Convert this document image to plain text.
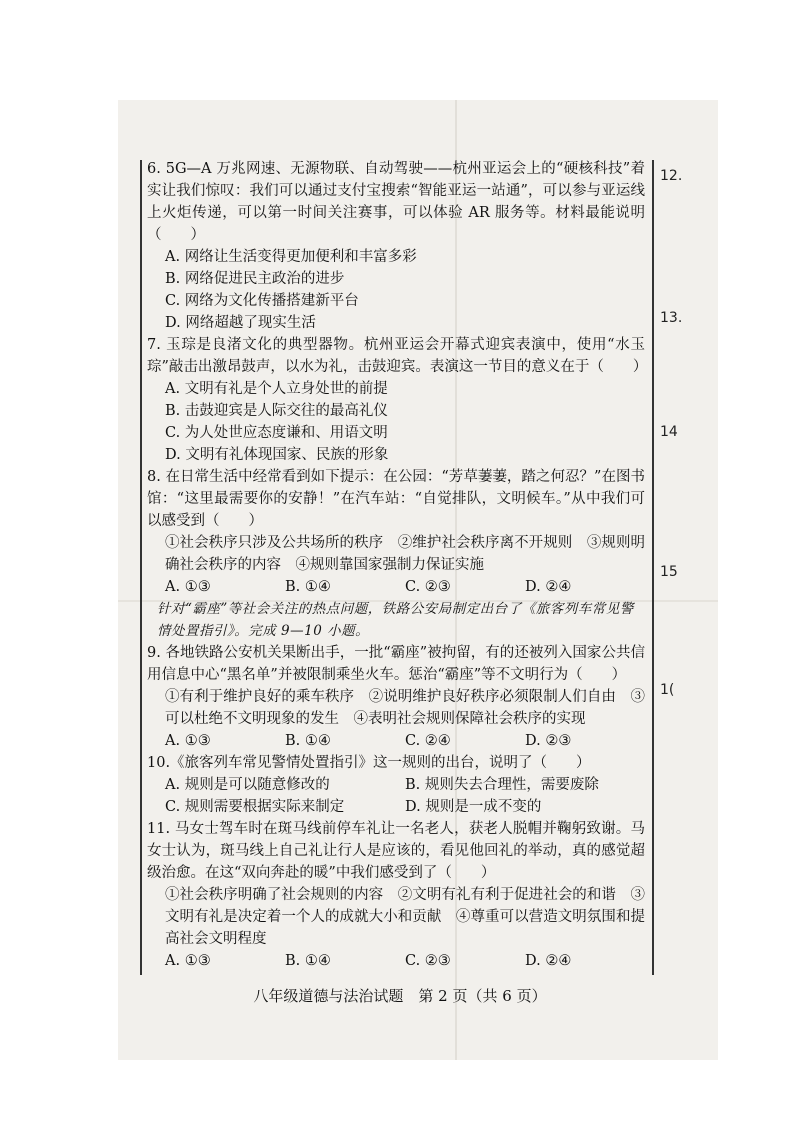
12.
13.
14
15
1(
6. 5G—A 万兆网速、无源物联、自动驾驶——杭州亚运会上的“硬核科技”着实让我们惊叹：我们可以通过支付宝搜索“智能亚运一站通”，可以参与亚运线上火炬传递，可以第一时间关注赛事，可以体验 AR 服务等。材料最能说明（　　）
A. 网络让生活变得更加便利和丰富多彩
B. 网络促进民主政治的进步
C. 网络为文化传播搭建新平台
D. 网络超越了现实生活
7. 玉琮是良渚文化的典型器物。杭州亚运会开幕式迎宾表演中，使用“水玉琮”敲击出激昂鼓声，以水为礼，击鼓迎宾。表演这一节目的意义在于（　　）
A. 文明有礼是个人立身处世的前提
B. 击鼓迎宾是人际交往的最高礼仪
C. 为人处世应态度谦和、用语文明
D. 文明有礼体现国家、民族的形象
8. 在日常生活中经常看到如下提示：在公园：“芳草萋萋，踏之何忍？”在图书馆：“这里最需要你的安静！”在汽车站：“自觉排队，文明候车。”从中我们可以感受到（　　）
①社会秩序只涉及公共场所的秩序　②维护社会秩序离不开规则　③规则明确社会秩序的内容　④规则靠国家强制力保证实施
A. ①③	B. ①④	C. ②③	D. ②④
针对“霸座”等社会关注的热点问题，铁路公安局制定出台了《旅客列车常见警情处置指引》。完成 9—10 小题。
9. 各地铁路公安机关果断出手，一批“霸座”被拘留，有的还被列入国家公共信用信息中心“黑名单”并被限制乘坐火车。惩治“霸座”等不文明行为（　　）
①有利于维护良好的乘车秩序　②说明维护良好秩序必须限制人们自由　③可以杜绝不文明现象的发生　④表明社会规则保障社会秩序的实现
A. ①③	B. ①④	C. ②④	D. ②③
10.《旅客列车常见警情处置指引》这一规则的出台，说明了（　　）
A. 规则是可以随意修改的	B. 规则失去合理性，需要废除
C. 规则需要根据实际来制定	D. 规则是一成不变的
11. 马女士驾车时在斑马线前停车礼让一名老人，获老人脱帽并鞠躬致谢。马女士认为，斑马线上自己礼让行人是应该的，看见他回礼的举动，真的感觉超级治愈。在这“双向奔赴的暖”中我们感受到了（　　）
①社会秩序明确了社会规则的内容　②文明有礼有利于促进社会的和谐　③文明有礼是决定着一个人的成就大小和贡献　④尊重可以营造文明氛围和提高社会文明程度
A. ①③	B. ①④	C. ②③	D. ②④
八年级道德与法治试题　第 2 页（共 6 页）
